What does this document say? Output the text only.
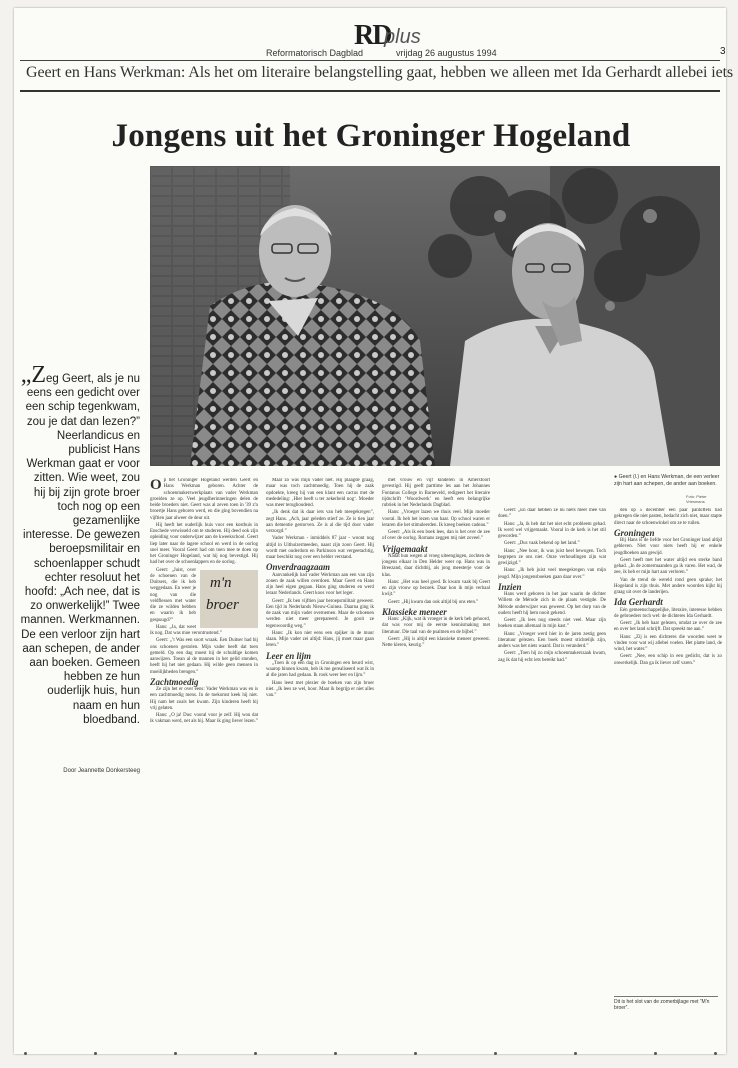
RD
plus
Reformatorisch Dagblad	vrijdag 26 augustus 1994	3
Geert en Hans Werkman: Als het om literaire belangstelling gaat, hebben we alleen met Ida Gerhardt allebei iets
Jongens uit het Groninger Hogeland
● Geert (l.) en Hans Werkman, de een verleer zijn hart aan schepen, de ander aan boeken.
Foto: Pieter Vriesmans
„Zeg Geert, als je nu eens een gedicht over een schip tegenkwam, zou je dat dan lezen?” Neerlandicus en publicist Hans Werkman gaat er voor zitten. Wie weet, zou hij bij zijn grote broer toch nog op een gezamenlijke interesse. De gewezen beroepsmilitair en schoenlapper schudt echter resoluut het hoofd: „Ach nee, dat is zo onwerkelijk!” Twee mannen. Werkmannen. De een verloor zijn hart aan schepen, de ander aan boeken. Gemeen hebben ze hun ouderlijk huis, hun naam en hun bloedband.
Door Jeannette Donkersteeg
O p het Groninger Hogeland werden Geert en Hans Werkman geboren. Achter de schoenmakerswerkplaats van vader Werkman groeiden ze op. Veel jeugdherinneringen delen de beide broeders niet. Geert was al zeven toen in '39 z'n broertje Hans geboren werd, en die ging bovendien na vijftien jaar alweer de deur uit.

Hij heeft het ouderlijk huis voor een kosthuis in Enschede verwisseld om te studeren. Hij deed ook zijn opleiding voor onderwijzer aan de kweekschool. Geert liep later naar de lagere school en werd in de oorlog snel meer. Vooral Geert had om toen mee te doen op het Groninger Hogeland, wat hij nog bevestigd. Hij had het over de schoenlappers en de oorlog.

m'n
broer

Geert: „Juist, over de schoenen van de Duitsers, die ik heb weggedaan. En weer je nog van die veldflessen met water die ze wilden hebben en waarin ik heb gespuugd?”

Hans: „Ja, dat weet ik nog. Dat was moe verontrustend.”

Geert: „’t Was een soort wraak. Een Duitser had bij ons schoenen gestolen. Mijn vader heeft dat toen gemeld. Op een dag moest hij de schuldige komen aanwijzen. Toean al de mannen in het gelid stonden, heeft hij het niet gedaan. Hij wilde geen mensen in moeilijkheden brengen.”

Zachtmoedig

Ze zijn het er over eens: Vader Werkman was en is een zachtmoedig mens. In de toekomst keek hij niet. Hij nam het zoals het kwam. Zijn kinderen heeft hij vrij gelaten.

Hans: „O ja! Dus: vooral voor je zelf. Hij wou dat ik vakman werd, net als hij. Maar ik ging liever lezen.”

Maar zo was mijn vader niet. Hij plaagde graag, maar was toch zachtmoedig. Toen hij de zaak opdoekte, kreeg hij van een klant een cactus met de mededeling: ‚Hier heeft u ter zekerheid nog‘. Moeder was meer terughoudend.

„Ik denk dat ik daar iets van heb meegekregen”, zegt Hans. „Ach, jaar geleden stierf ze. Ze is tien jaar aan dementie gestorven. Ze is al die tijd door vader verzorgd.”

Vader Werkman - inmiddels 87 jaar - woont nog altijd in Uithuizermeeden, naast zijn zoon Geert. Hij wordt met ouderdom en Parkinson wat vergeetachtig, maar beschikt nog over een helder verstand.

Onverdraagzaam

Aanvankelijk had vader Werkman aan een van zijn zonen de zaak willen overdoen. Maar Geert en Hans zijn heel eigen gegaan. Hans ging studeren en werd leraar Nederlands. Geert koos voor het leger.

Geert: „Ik ben vijftien jaar beroepsmilitair geweest. Een tijd in Nederlands Nieuw-Guinea. Daarna ging ik de zaak van mijn vader overnemen. Maar de schoenen werden niet meer gerepareerd. Je gooit ze tegenwoordig weg.”

Hans: „Ik kon niet eens een spijker in de muur slaan. Mijn vader zei altijd: Hans, jij moet maar gaan leren.”

Leer en lijm

„Toen ik op een dag in Groningen een beurd wist, waarop binnen kwam, heb ik me gerealiseerd wat ik in al die jaren had gedaan. Ik rook weer leer en lijm.”

Hans leest met plezier de boeken van zijn broer niet. „Ik lees ze wel, hoor. Maar ik begrijp er niet alles van.”

met vrouw en vijf kinderen in Amersfoort gevestigd. Hij geeft parttime les aan het Johannes Fontanus College in Barneveld, redigeert het literaire tijdschrift ‘Woordwerk’ en heeft een belangrijke rubriek in het Nederlands Dagblad.

Hans: „Vroeger lazen we thuis veel. Mijn moeder vooral. Ik heb het lezen van haar. Op school waren er leraren die het stimuleerden. Ik kreeg boeken cadeau.”

Geert: „Als ik een boek lees, dan is het over de zee of over de oorlog. Romans zeggen mij niet zoveel.”

Vrijgemaakt

Nadat hun wegen al vroeg uiteengingen, zochten de jongens elkaar in Den Helder weer op. Hans was in Breezand, daar dichtbij, als jong meesterje voor de klas.

Hans: „Het was heel goed. Ik kwam vaak bij Geert en zijn vrouw op bezoek. Daar kon ik mijn verhaal kwijt.”

Geert: „Hij kwam dan ook altijd bij ons eten.”

Klassieke meneer

Hans: „Kijk, wat ik vroeger in de kerk heb gehoord, dat was voor mij de eerste kennismaking met literatuur. Die taal van de psalmen en de bijbel.”

Geert: „Hij is altijd een klassieke meneer geweest. Nette kleren, keurig.”

Geert: „En daar hebben ze nu niets meer mee van doen.”

Hans: „Ja, ik heb dat het niet echt probleem gehad. Ik werd wel vrijgemaakt. Vooral in de kerk is het stil geworden.”

Geert: „Dus vaak bekend op het land.”

Hans: „Nee hoor, ik was juist heel bewogen. Toch begrepen ze ons niet. Onze verhoudingen zijn wat gewijzigd.”

Hans: „Ik heb juist veel meegekregen van mijn jeugd. Mijn jongensboeken gaan daar over.”

Inzien

Hans werd geboren in het jaar waarin de dichter Willem de Mérode zich in de plaats vestigde. De Mérode onderwijzer was geweest. Op het dorp van de ouders heeft hij hem nooit gekend.

Geert: „Ik lees nog steeds niet veel. Maar zijn boeken staan allemaal in mijn kast.”

Hans: „Vroeger werd hier in de jaren zestig geen literatuur gelezen. Een boek moest stichtelijk zijn, anders was het niets waard. Dat is veranderd.”

Geert: „Toen hij zo mijn schoenmakerszaak kwam, zag ik dat hij echt iets bereikt had.”

den op 5 december een paar pantoffels had gekregen die niet pasten, bedacht zich niet, maar stapte direct naar de schoenwinkel om ze te ruilen.

Groningen

Bij Hans is de liefde voor het Groninger land altijd gebleven. Niet voor niets heeft hij er enkele jeugdboeken aan gewijd.

Geert heeft met het water altijd een sterke band gehad. „In de zomermaanden ga ik varen. Het wad, de zee, ik heb er mijn hart aan verloren.”

Van de trend de wereld rond geen sprake; het Hogeland is zijn thuis. Met andere woorden kijkt hij graag uit over de landerijen.

Ida Gerhardt

Eén gemeenschappelijke, literaire, interesse hebben de gebroeders toch wel: de dichteres Ida Gerhardt.

Geert: „Ik heb haar gelezen, omdat ze over de zee en over het land schrijft. Dat spreekt me aan.”

Hans: „Zij is een dichteres die woorden weet te vinden voor wat wij allebei voelen. Het platte land, de wind, het water.”

Geert: „Nee, een schip in een gedicht, dat is zo onwerkelijk. Dan ga ik liever zelf varen.”

Dit is het slot van de zomerbijlage met “M'n broer”.
